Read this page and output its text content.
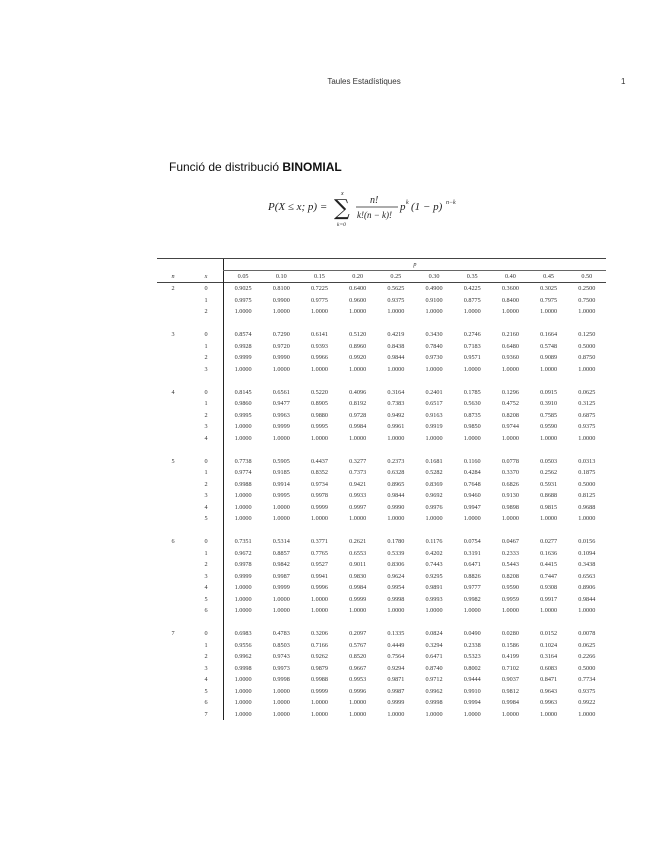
Taules Estadístiques	1
Funció de distribució BINOMIAL
P(X ≤ x; p) = ∑
x
k=0
n!
k!(n − k)!
p k (1 − p) n−k
		p									
n	x	0.05	0.10	0.15	0.20	0.25	0.30	0.35	0.40	0.45	0.50
2	0	0.9025	0.8100	0.7225	0.6400	0.5625	0.4900	0.4225	0.3600	0.3025	0.2500
	1	0.9975	0.9900	0.9775	0.9600	0.9375	0.9100	0.8775	0.8400	0.7975	0.7500
	2	1.0000	1.0000	1.0000	1.0000	1.0000	1.0000	1.0000	1.0000	1.0000	1.0000

3	0	0.8574	0.7290	0.6141	0.5120	0.4219	0.3430	0.2746	0.2160	0.1664	0.1250
	1	0.9928	0.9720	0.9393	0.8960	0.8438	0.7840	0.7183	0.6480	0.5748	0.5000
	2	0.9999	0.9990	0.9966	0.9920	0.9844	0.9730	0.9571	0.9360	0.9089	0.8750
	3	1.0000	1.0000	1.0000	1.0000	1.0000	1.0000	1.0000	1.0000	1.0000	1.0000

4	0	0.8145	0.6561	0.5220	0.4096	0.3164	0.2401	0.1785	0.1296	0.0915	0.0625
	1	0.9860	0.9477	0.8905	0.8192	0.7383	0.6517	0.5630	0.4752	0.3910	0.3125
	2	0.9995	0.9963	0.9880	0.9728	0.9492	0.9163	0.8735	0.8208	0.7585	0.6875
	3	1.0000	0.9999	0.9995	0.9984	0.9961	0.9919	0.9850	0.9744	0.9590	0.9375
	4	1.0000	1.0000	1.0000	1.0000	1.0000	1.0000	1.0000	1.0000	1.0000	1.0000

5	0	0.7738	0.5905	0.4437	0.3277	0.2373	0.1681	0.1160	0.0778	0.0503	0.0313
	1	0.9774	0.9185	0.8352	0.7373	0.6328	0.5282	0.4284	0.3370	0.2562	0.1875
	2	0.9988	0.9914	0.9734	0.9421	0.8965	0.8369	0.7648	0.6826	0.5931	0.5000
	3	1.0000	0.9995	0.9978	0.9933	0.9844	0.9692	0.9460	0.9130	0.8688	0.8125
	4	1.0000	1.0000	0.9999	0.9997	0.9990	0.9976	0.9947	0.9898	0.9815	0.9688
	5	1.0000	1.0000	1.0000	1.0000	1.0000	1.0000	1.0000	1.0000	1.0000	1.0000

6	0	0.7351	0.5314	0.3771	0.2621	0.1780	0.1176	0.0754	0.0467	0.0277	0.0156
	1	0.9672	0.8857	0.7765	0.6553	0.5339	0.4202	0.3191	0.2333	0.1636	0.1094
	2	0.9978	0.9842	0.9527	0.9011	0.8306	0.7443	0.6471	0.5443	0.4415	0.3438
	3	0.9999	0.9987	0.9941	0.9830	0.9624	0.9295	0.8826	0.8208	0.7447	0.6563
	4	1.0000	0.9999	0.9996	0.9984	0.9954	0.9891	0.9777	0.9590	0.9308	0.8906
	5	1.0000	1.0000	1.0000	0.9999	0.9998	0.9993	0.9982	0.9959	0.9917	0.9844
	6	1.0000	1.0000	1.0000	1.0000	1.0000	1.0000	1.0000	1.0000	1.0000	1.0000

7	0	0.6983	0.4783	0.3206	0.2097	0.1335	0.0824	0.0490	0.0280	0.0152	0.0078
	1	0.9556	0.8503	0.7166	0.5767	0.4449	0.3294	0.2338	0.1586	0.1024	0.0625
	2	0.9962	0.9743	0.9262	0.8520	0.7564	0.6471	0.5323	0.4199	0.3164	0.2266
	3	0.9998	0.9973	0.9879	0.9667	0.9294	0.8740	0.8002	0.7102	0.6083	0.5000
	4	1.0000	0.9998	0.9988	0.9953	0.9871	0.9712	0.9444	0.9037	0.8471	0.7734
	5	1.0000	1.0000	0.9999	0.9996	0.9987	0.9962	0.9910	0.9812	0.9643	0.9375
	6	1.0000	1.0000	1.0000	1.0000	0.9999	0.9998	0.9994	0.9984	0.9963	0.9922
	7	1.0000	1.0000	1.0000	1.0000	1.0000	1.0000	1.0000	1.0000	1.0000	1.0000
